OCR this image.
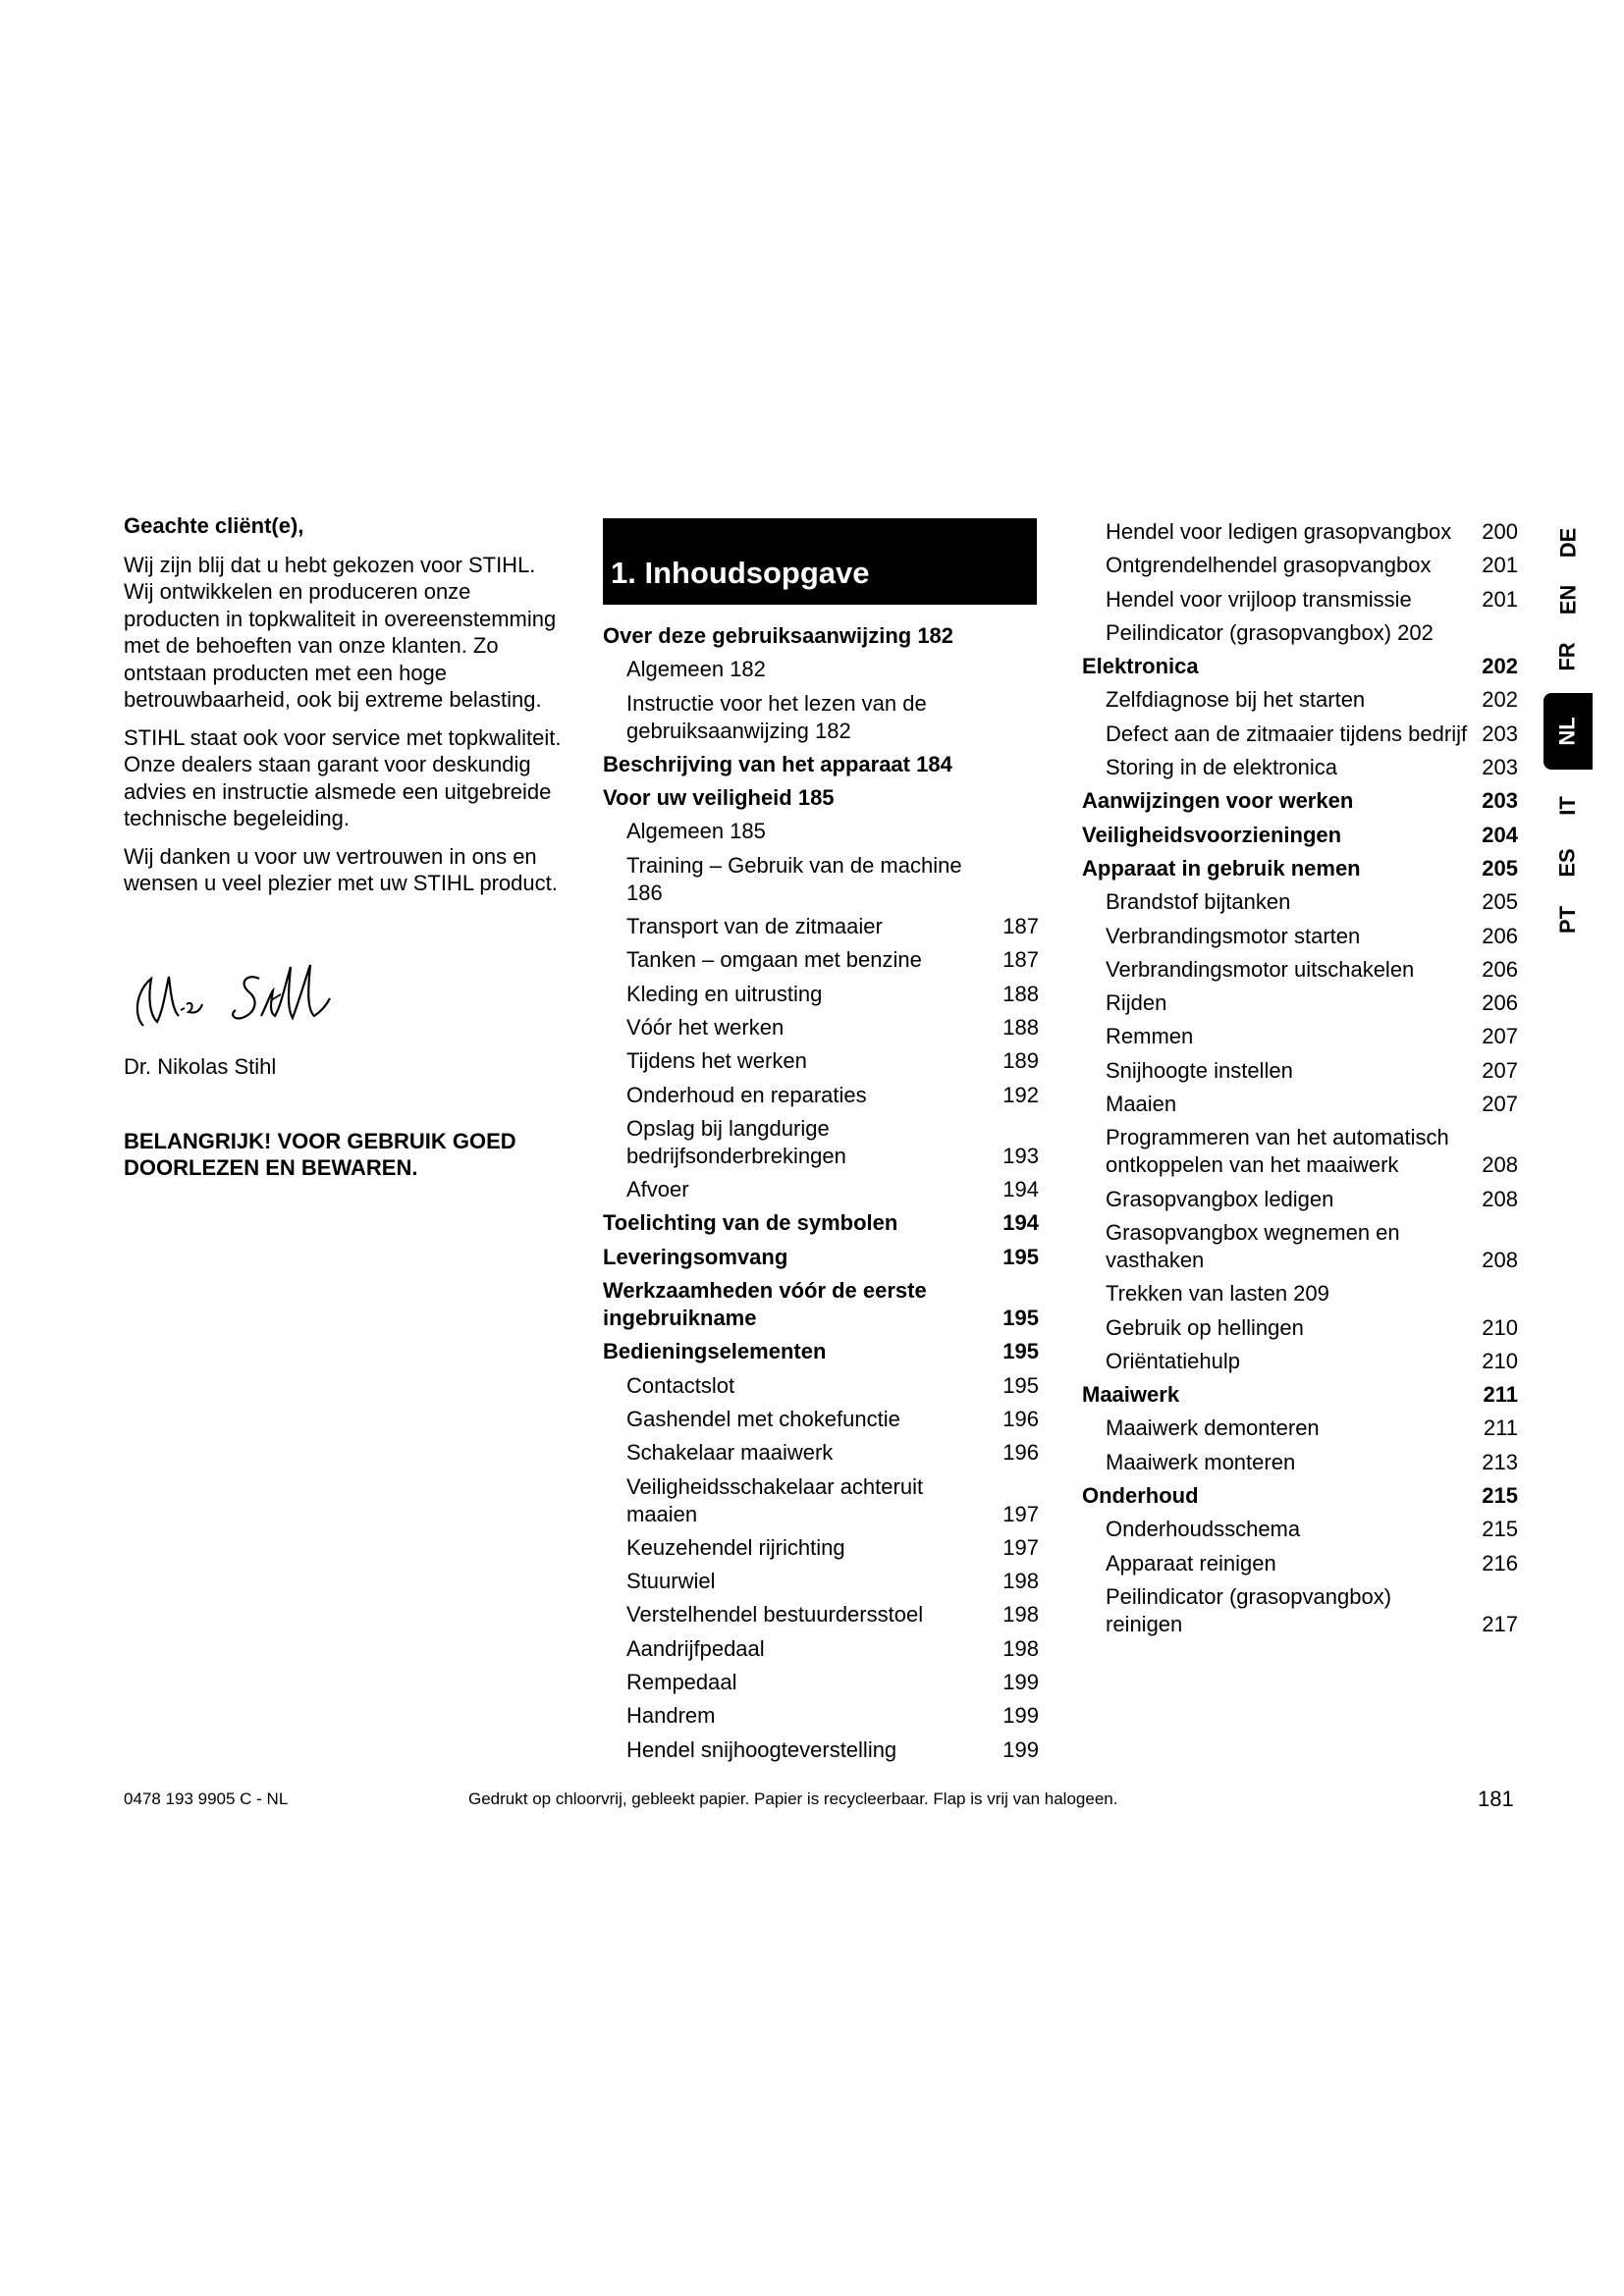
Geachte cliënt(e),

Wij zijn blij dat u hebt gekozen voor STIHL. Wij ontwikkelen en produceren onze producten in topkwaliteit in overeenstemming met de behoeften van onze klanten. Zo ontstaan producten met een hoge betrouwbaarheid, ook bij extreme belasting.

STIHL staat ook voor service met topkwaliteit. Onze dealers staan garant voor deskundig advies en instructie alsmede een uitgebreide technische begeleiding.

Wij danken u voor uw vertrouwen in ons en wensen u veel plezier met uw STIHL product.

Dr. Nikolas Stihl
BELANGRIJK! VOOR GEBRUIK GOED DOORLEZEN EN BEWAREN.
1. Inhoudsopgave
Over deze gebruiksaanwijzing 182
Algemeen 182
Instructie voor het lezen van de gebruiksaanwijzing 182
Beschrijving van het apparaat 184
Voor uw veiligheid 185
Algemeen 185
Training – Gebruik van de machine 186
Transport van de zitmaaier	187
Tanken – omgaan met benzine	187
Kleding en uitrusting	188
Vóór het werken	188
Tijdens het werken	189
Onderhoud en reparaties	192
Opslag bij langdurige bedrijfsonderbrekingen	193
Afvoer	194
Toelichting van de symbolen	194
Leveringsomvang	195
Werkzaamheden vóór de eerste ingebruikname	195
Bedieningselementen	195
Contactslot	195
Gashendel met chokefunctie	196
Schakelaar maaiwerk	196
Veiligheidsschakelaar achteruit maaien	197
Keuzehendel rijrichting	197
Stuurwiel	198
Verstelhendel bestuurdersstoel	198
Aandrijfpedaal	198
Rempedaal	199
Handrem	199
Hendel snijhoogteverstelling	199
Hendel voor ledigen grasopvangbox	200
Ontgrendelhendel grasopvangbox	201
Hendel voor vrijloop transmissie	201
Peilindicator (grasopvangbox) 202
Elektronica	202
Zelfdiagnose bij het starten	202
Defect aan de zitmaaier tijdens bedrijf 203
Storing in de elektronica	203
Aanwijzingen voor werken	203
Veiligheidsvoorzieningen	204
Apparaat in gebruik nemen	205
Brandstof bijtanken	205
Verbrandingsmotor starten	206
Verbrandingsmotor uitschakelen	206
Rijden	206
Remmen	207
Snijhoogte instellen	207
Maaien	207
Programmeren van het automatisch ontkoppelen van het maaiwerk	208
Grasopvangbox ledigen	208
Grasopvangbox wegnemen en vasthaken	208
Trekken van lasten 209
Gebruik op hellingen	210
Oriëntatiehulp	210
Maaiwerk	211
Maaiwerk demonteren	211
Maaiwerk monteren	213
Onderhoud	215
Onderhoudsschema	215
Apparaat reinigen	216
Peilindicator (grasopvangbox) reinigen	217
DE
EN
FR
NL
IT
ES
PT
0478 193 9905 C - NL	Gedrukt op chloorvrij, gebleekt papier. Papier is recycleerbaar. Flap is vrij van halogeen.	181
